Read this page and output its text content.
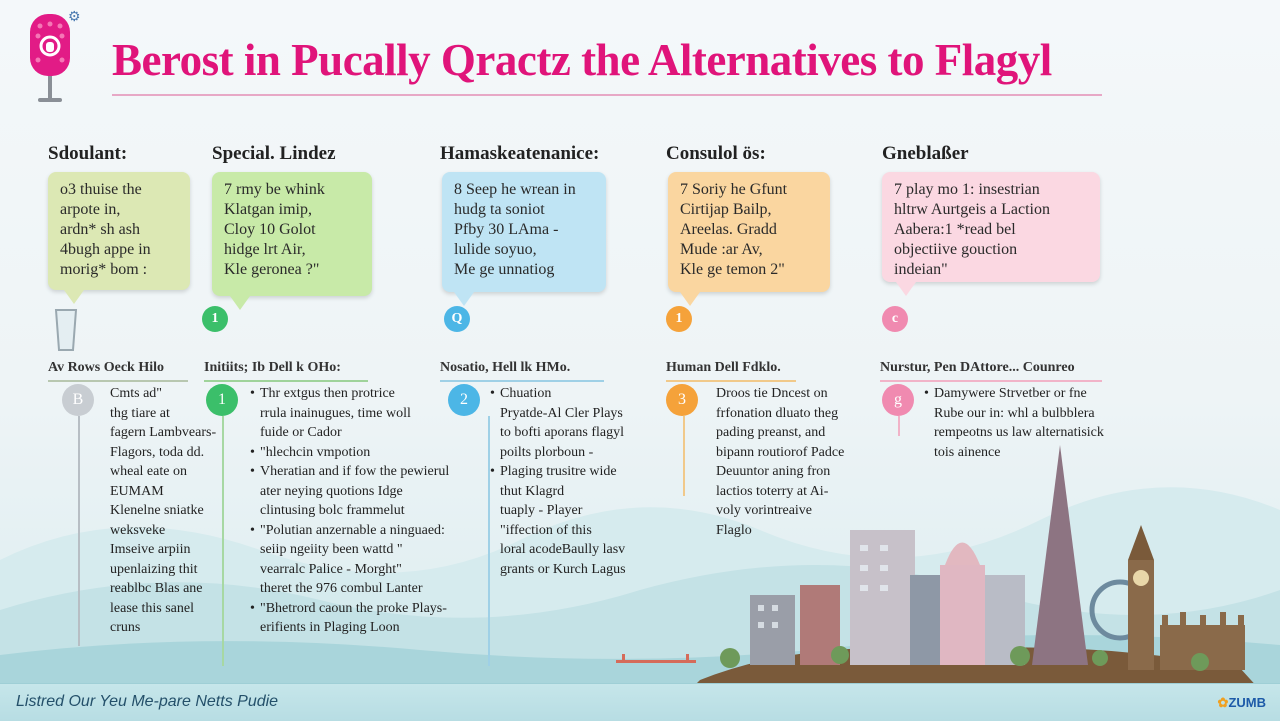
⚙
Berost in Pucally Qractz the Alternatives to Flagyl
Sdoulant:
o3 thuise the
arpote in,
ardn* sh ash
4bugh appe in
morig* bom :
Av Rows Oeck Hilo
B	Cmts ad"
thg tiare at
fagern Lambvears-
Flagors, toda dd.
wheal eate on
EUMAM
Klenelne sniatke
weksveke
Imseive arpiin
upenlaizing thit
reablbc Blas ane
lease this sanel
cruns
Special. Lindez
7 rmy be whink
Klatgan imip,
Cloy 10 Golot
hidge lrt Air,
Kle geronea ?"
1
Initiits; Ib Dell k OHo:
1	• Thr extgus then protrice
rrula inainugues, time woll
fuide or Cador
• "hlechcin vmpotion
• Vheratian and if fow the pewierul
ater neying quotions Idge
clintusing bolc frammelut
• "Polutian anzernable a ninguaed:
seiip ngeiity been wattd "
vearralc Palice - Morght"
theret the 976 combul Lanter
• "Bhetrord caoun the proke Plays-
erifients in Plaging Loon
Hamaskeatenanice:
8 Seep he wrean in
hudg ta soniot
Pfby 30 LAma -
lulide soyuo,
Me ge unnatiog
Q
Nosatio, Hell lk HMo.
2	• Chuation
Pryatde-Al Cler Plays
to bofti aporans flagyl
poilts plorboun -
• Plaging trusitre wide
thut Klagrd
tuaply - Player
"iffection of this
loral acodeBaully lasv
grants or Kurch Lagus
Consulol ös:
7 Soriy he Gfunt
Cirtijap Bailp,
Areelas. Gradd
Mude :ar Av,
Kle ge temon 2"
1
Human Dell Fdklo.
3	Droos tie Dncest on
frfonation dluato theg
pading preanst, and
bipann routiorof Padce
Deuuntor aning fron
lactios toterry at Ai-
voly vorintreaive
Flaglo
Gneblaßer
7 play mo 1: insestrian
hltrw Aurtgeis a Laction
Aabera:1 *read bel
objectiive gouction
indeian"
c
Nurstur, Pen DAttore... Counreo
g	• Damywere Strvetber or fne
Rube our in: whl a bulbblera
rempeotns us law alternatisick
tois ainence
Listred Our Yeu Me-pare Netts Pudie	✿ZUMB
